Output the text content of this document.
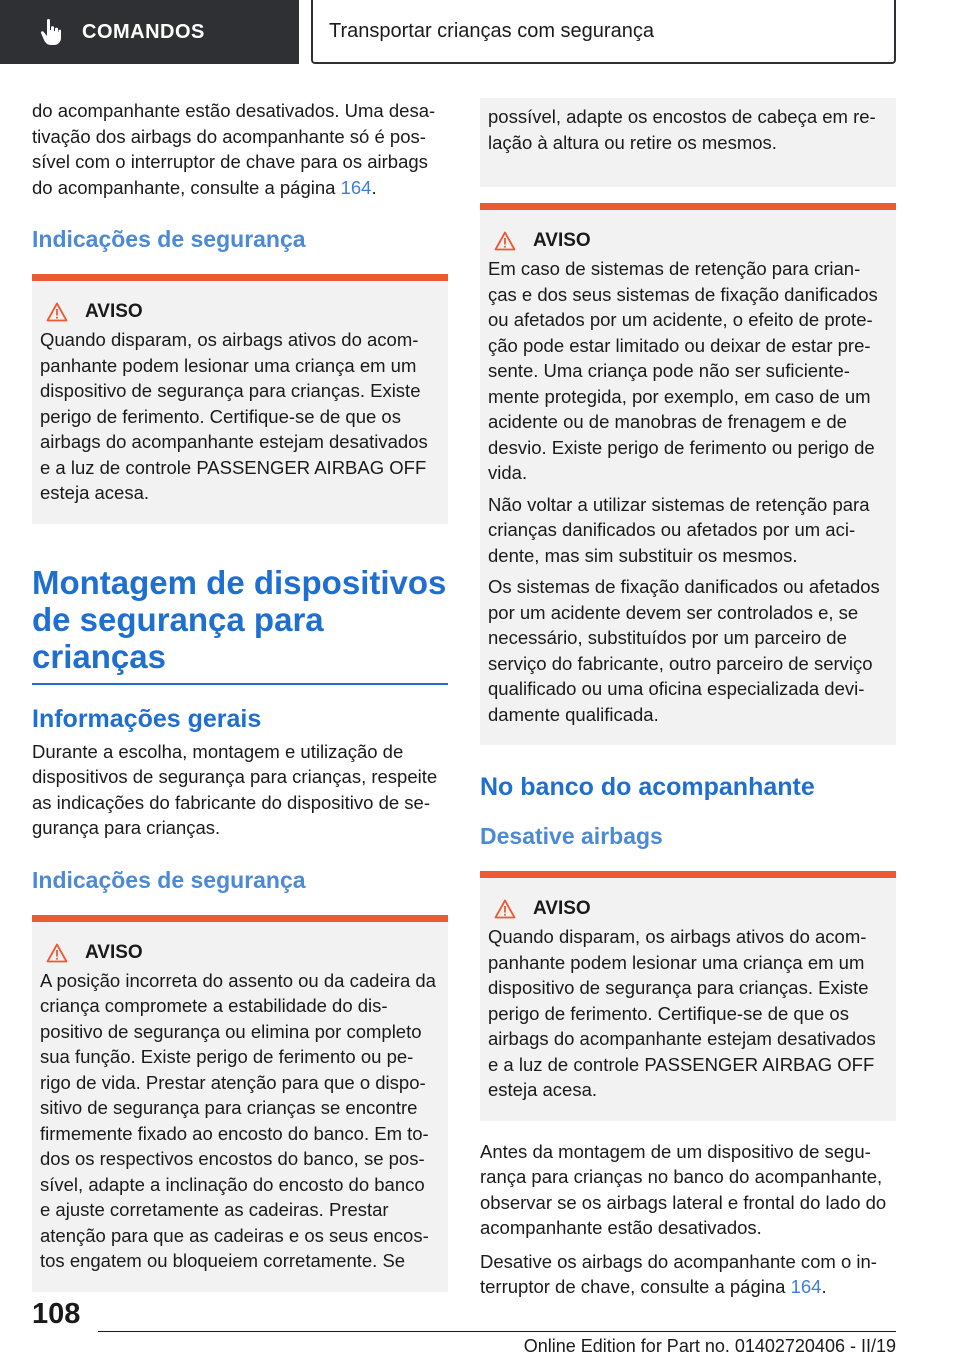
COMANDOS	Transportar crianças com segurança

do acompanhante estão desativados. Uma desa‐tivação dos airbags do acompanhante só é pos‐sível com o interruptor de chave para os airbags do acompanhante, consulte a página 164.

Indicações de segurança
AVISO

Quando disparam, os airbags ativos do acom‐panhante podem lesionar uma criança em um dispositivo de segurança para crianças. Existe perigo de ferimento. Certifique-se de que os airbags do acompanhante estejam desativados e a luz de controle PASSENGER AIRBAG OFF esteja acesa.

Montagem de dispositivos de segurança para crianças
Informações gerais

Durante a escolha, montagem e utilização de dispositivos de segurança para crianças, respeite as indicações do fabricante do dispositivo de se‐gurança para crianças.

Indicações de segurança
AVISO

A posição incorreta do assento ou da cadeira da criança compromete a estabilidade do dis‐positivo de segurança ou elimina por completo sua função. Existe perigo de ferimento ou pe‐rigo de vida. Prestar atenção para que o dispo‐sitivo de segurança para crianças se encontre firmemente fixado ao encosto do banco. Em to‐dos os respectivos encostos do banco, se pos‐sível, adapte a inclinação do encosto do banco e ajuste corretamente as cadeiras. Prestar atenção para que as cadeiras e os seus encos‐tos engatem ou bloqueiem corretamente. Se

possível, adapte os encostos de cabeça em re‐lação à altura ou retire os mesmos.

AVISO

Em caso de sistemas de retenção para crian‐ças e dos seus sistemas de fixação danificados ou afetados por um acidente, o efeito de prote‐ção pode estar limitado ou deixar de estar pre‐sente. Uma criança pode não ser suficiente‐mente protegida, por exemplo, em caso de um acidente ou de manobras de frenagem e de desvio. Existe perigo de ferimento ou perigo de vida.

Não voltar a utilizar sistemas de retenção para crianças danificados ou afetados por um aci‐dente, mas sim substituir os mesmos.

Os sistemas de fixação danificados ou afetados por um acidente devem ser controlados e, se necessário, substituídos por um parceiro de serviço do fabricante, outro parceiro de serviço qualificado ou uma oficina especializada devi‐damente qualificada.

No banco do acompanhante
Desative airbags
AVISO

Quando disparam, os airbags ativos do acom‐panhante podem lesionar uma criança em um dispositivo de segurança para crianças. Existe perigo de ferimento. Certifique-se de que os airbags do acompanhante estejam desativados e a luz de controle PASSENGER AIRBAG OFF esteja acesa.

Antes da montagem de um dispositivo de segu‐rança para crianças no banco do acompanhante, observar se os airbags lateral e frontal do lado do acompanhante estão desativados.

Desative os airbags do acompanhante com o in‐terruptor de chave, consulte a página 164.

108
Online Edition for Part no. 01402720406 - II/19
